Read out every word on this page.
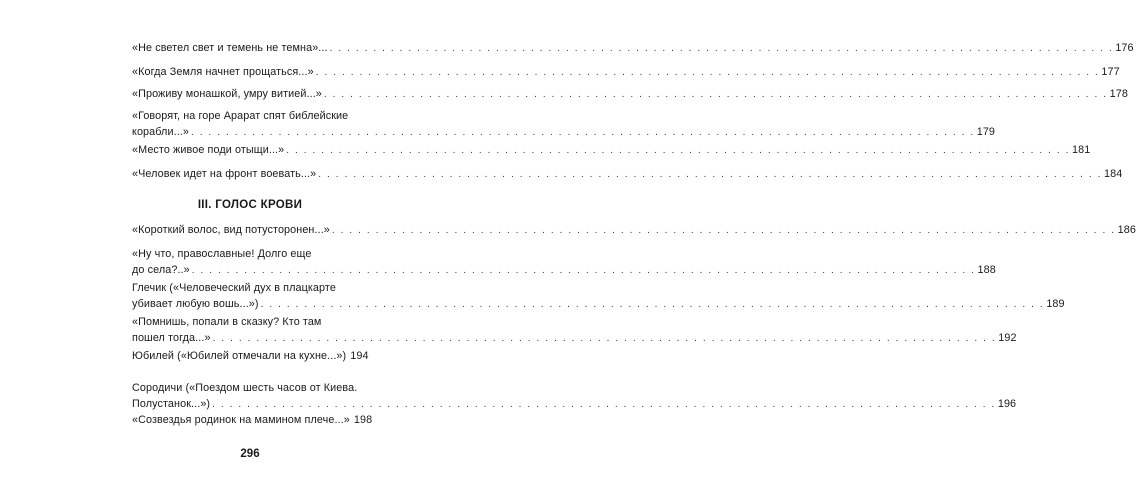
«Не светел свет и темень не темна»... . . . . . . . . . . . . . . . . . . . . . . . . . . . . . . . . . . . . . . . . . . . . . . . . . . . . . . . . . . . . . . . . . . . . . . . . . . . . . . . . . . . . . . . . . . 176
«Когда Земля начнет прощаться...» . . . . . . . . . . . . . . . . . . . . . . . . . . . . . . . . . . . . . . . . . . . . . . . . . . . . . . . . . . . . . . . . . . . . . . . . . . . . . . . . . . . . . . . . . . 177
«Проживу монашкой, умру витией...» . . . . . . . . . . . . . . . . . . . . . . . . . . . . . . . . . . . . . . . . . . . . . . . . . . . . . . . . . . . . . . . . . . . . . . . . . . . . . . . . . . . . . . . . . . 178
«Говорят, на горе Арарат спят библейские
корабли...» . . . . . . . . . . . . . . . . . . . . . . . . . . . . . . . . . . . . . . . . . . . . . . . . . . . . . . . . . . . . . . . . . . . . . . . . . . . . . . . . . . . . . . . . . . 179
«Место живое поди отыщи...» . . . . . . . . . . . . . . . . . . . . . . . . . . . . . . . . . . . . . . . . . . . . . . . . . . . . . . . . . . . . . . . . . . . . . . . . . . . . . . . . . . . . . . . . . . 181
«Человек идет на фронт воевать...» . . . . . . . . . . . . . . . . . . . . . . . . . . . . . . . . . . . . . . . . . . . . . . . . . . . . . . . . . . . . . . . . . . . . . . . . . . . . . . . . . . . . . . . . . . 184
III. ГОЛОС КРОВИ
«Короткий волос, вид потусторонен...» . . . . . . . . . . . . . . . . . . . . . . . . . . . . . . . . . . . . . . . . . . . . . . . . . . . . . . . . . . . . . . . . . . . . . . . . . . . . . . . . . . . . . . . . . . 186
«Ну что, православные! Долго еще
до села?..» . . . . . . . . . . . . . . . . . . . . . . . . . . . . . . . . . . . . . . . . . . . . . . . . . . . . . . . . . . . . . . . . . . . . . . . . . . . . . . . . . . . . . . . . . . 188
Глечик («Человеческий дух в плацкарте
убивает любую вошь...») . . . . . . . . . . . . . . . . . . . . . . . . . . . . . . . . . . . . . . . . . . . . . . . . . . . . . . . . . . . . . . . . . . . . . . . . . . . . . . . . . . . . . . . . . . 189
«Помнишь, попали в сказку? Кто там
пошел тогда...» . . . . . . . . . . . . . . . . . . . . . . . . . . . . . . . . . . . . . . . . . . . . . . . . . . . . . . . . . . . . . . . . . . . . . . . . . . . . . . . . . . . . . . . . . . 192
Юбилей («Юбилей отмечали на кухне...») 194
Сородичи («Поездом шесть часов от Киева.
Полустанок...») . . . . . . . . . . . . . . . . . . . . . . . . . . . . . . . . . . . . . . . . . . . . . . . . . . . . . . . . . . . . . . . . . . . . . . . . . . . . . . . . . . . . . . . . . . 196
«Созвездья родинок на мамином плече...» 198
296
